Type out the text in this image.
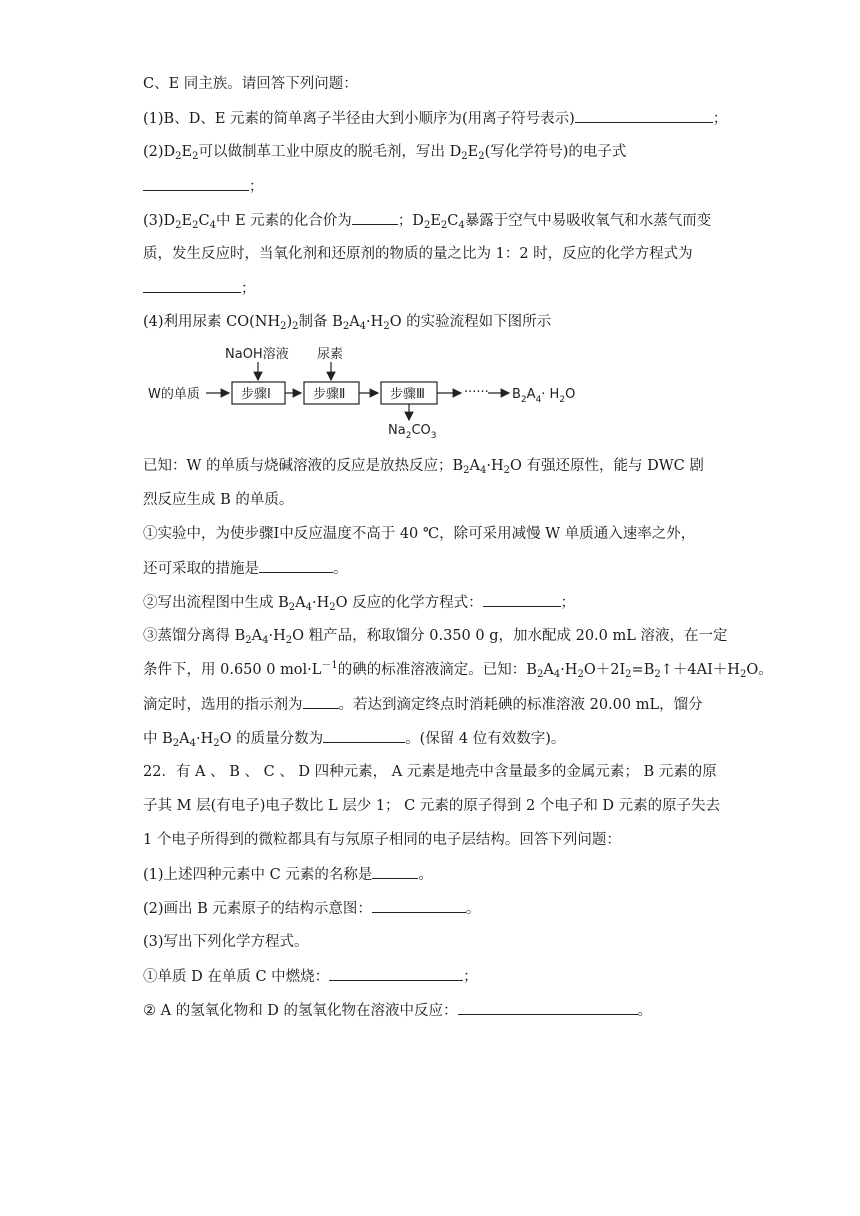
C、E 同主族。请回答下列问题：
(1)B、D、E 元素的简单离子半径由大到小顺序为(用离子符号表示)	；
$(2)D_2E_2$可以做制革工业中原皮的脱毛剂，写出 $D_2E_2$(写化学符号)的电子式
；
$(3)D_2E_2C_4$中 E 元素的化合价为	；$D_2E_2C_4$暴露于空气中易吸收氧气和水蒸气而变
质，发生反应时，当氧化剂和还原剂的物质的量之比为 1：2 时，反应的化学方程式为
；
(4)利用尿素 $CO(NH_2)_2$制备 $B_2A_4\cdot H_2O$ 的实验流程如下图所示
W的单质	步骤Ⅰ
NaOH溶液
步骤Ⅱ
尿素
步骤Ⅲ
$Na_2CO_3$
······ $B_2A_4\cdot H_2O$
已知：W 的单质与烧碱溶液的反应是放热反应；$B_2A_4\cdot H_2O$ 有强还原性，能与 DWC 剧
烈反应生成 B 的单质。
①实验中，为使步骤Ⅰ中反应温度不高于 40 ℃，除可采用减慢 W 单质通入速率之外，
还可采取的措施是	。
②写出流程图中生成 $B_2A_4\cdot H_2O$ 反应的化学方程式：	；
③蒸馏分离得 $B_2A_4\cdot H_2O$ 粗产品，称取馏分 0.350 0 g，加水配成 20.0 mL 溶液，在一定
条件下，用 0.650 0 $mol\cdot L^{-1}$的碘的标准溶液滴定。已知：$B_2A_4\cdot H_2O+2I_2=B_2↑+4AI+H_2O$。
滴定时，选用的指示剂为 。若达到滴定终点时消耗碘的标准溶液 20.00 mL，馏分
中 $B_2A_4\cdot H_2O$ 的质量分数为	。(保留 4 位有效数字)。
22．有 A 、 B 、 C 、 D 四种元素， A 元素是地壳中含量最多的金属元素； B 元素的原
子其 M 层(有电子)电子数比 L 层少 1； C 元素的原子得到 2 个电子和 D 元素的原子失去
1 个电子所得到的微粒都具有与氖原子相同的电子层结构。回答下列问题：
(1)上述四种元素中 C 元素的名称是	。
(2)画出 B 元素原子的结构示意图：	。
(3)写出下列化学方程式。
①单质 D 在单质 C 中燃烧：	；
② A 的氢氧化物和 D 的氢氧化物在溶液中反应：	。
